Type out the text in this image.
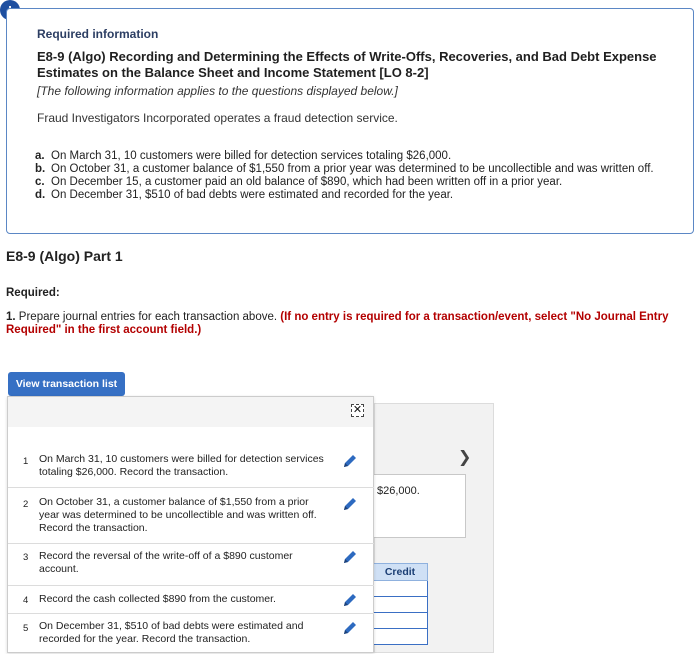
Required information
E8-9 (Algo) Recording and Determining the Effects of Write-Offs, Recoveries, and Bad Debt Expense Estimates on the Balance Sheet and Income Statement [LO 8-2]
[The following information applies to the questions displayed below.]
Fraud Investigators Incorporated operates a fraud detection service.
a. On March 31, 10 customers were billed for detection services totaling $26,000.
b. On October 31, a customer balance of $1,550 from a prior year was determined to be uncollectible and was written off.
c. On December 15, a customer paid an old balance of $890, which had been written off in a prior year.
d. On December 31, $510 of bad debts were estimated and recorded for the year.
E8-9 (Algo) Part 1
Required:
1. Prepare journal entries for each transaction above. (If no entry is required for a transaction/event, select "No Journal Entry Required" in the first account field.)
View transaction list
❯
$26,000.
Credit
✕
1 On March 31, 10 customers were billed for detection services totaling $26,000. Record the transaction.
2 On October 31, a customer balance of $1,550 from a prior year was determined to be uncollectible and was written off. Record the transaction.
3 Record the reversal of the write-off of a $890 customer account.
4 Record the cash collected $890 from the customer.
5 On December 31, $510 of bad debts were estimated and recorded for the year. Record the transaction.
